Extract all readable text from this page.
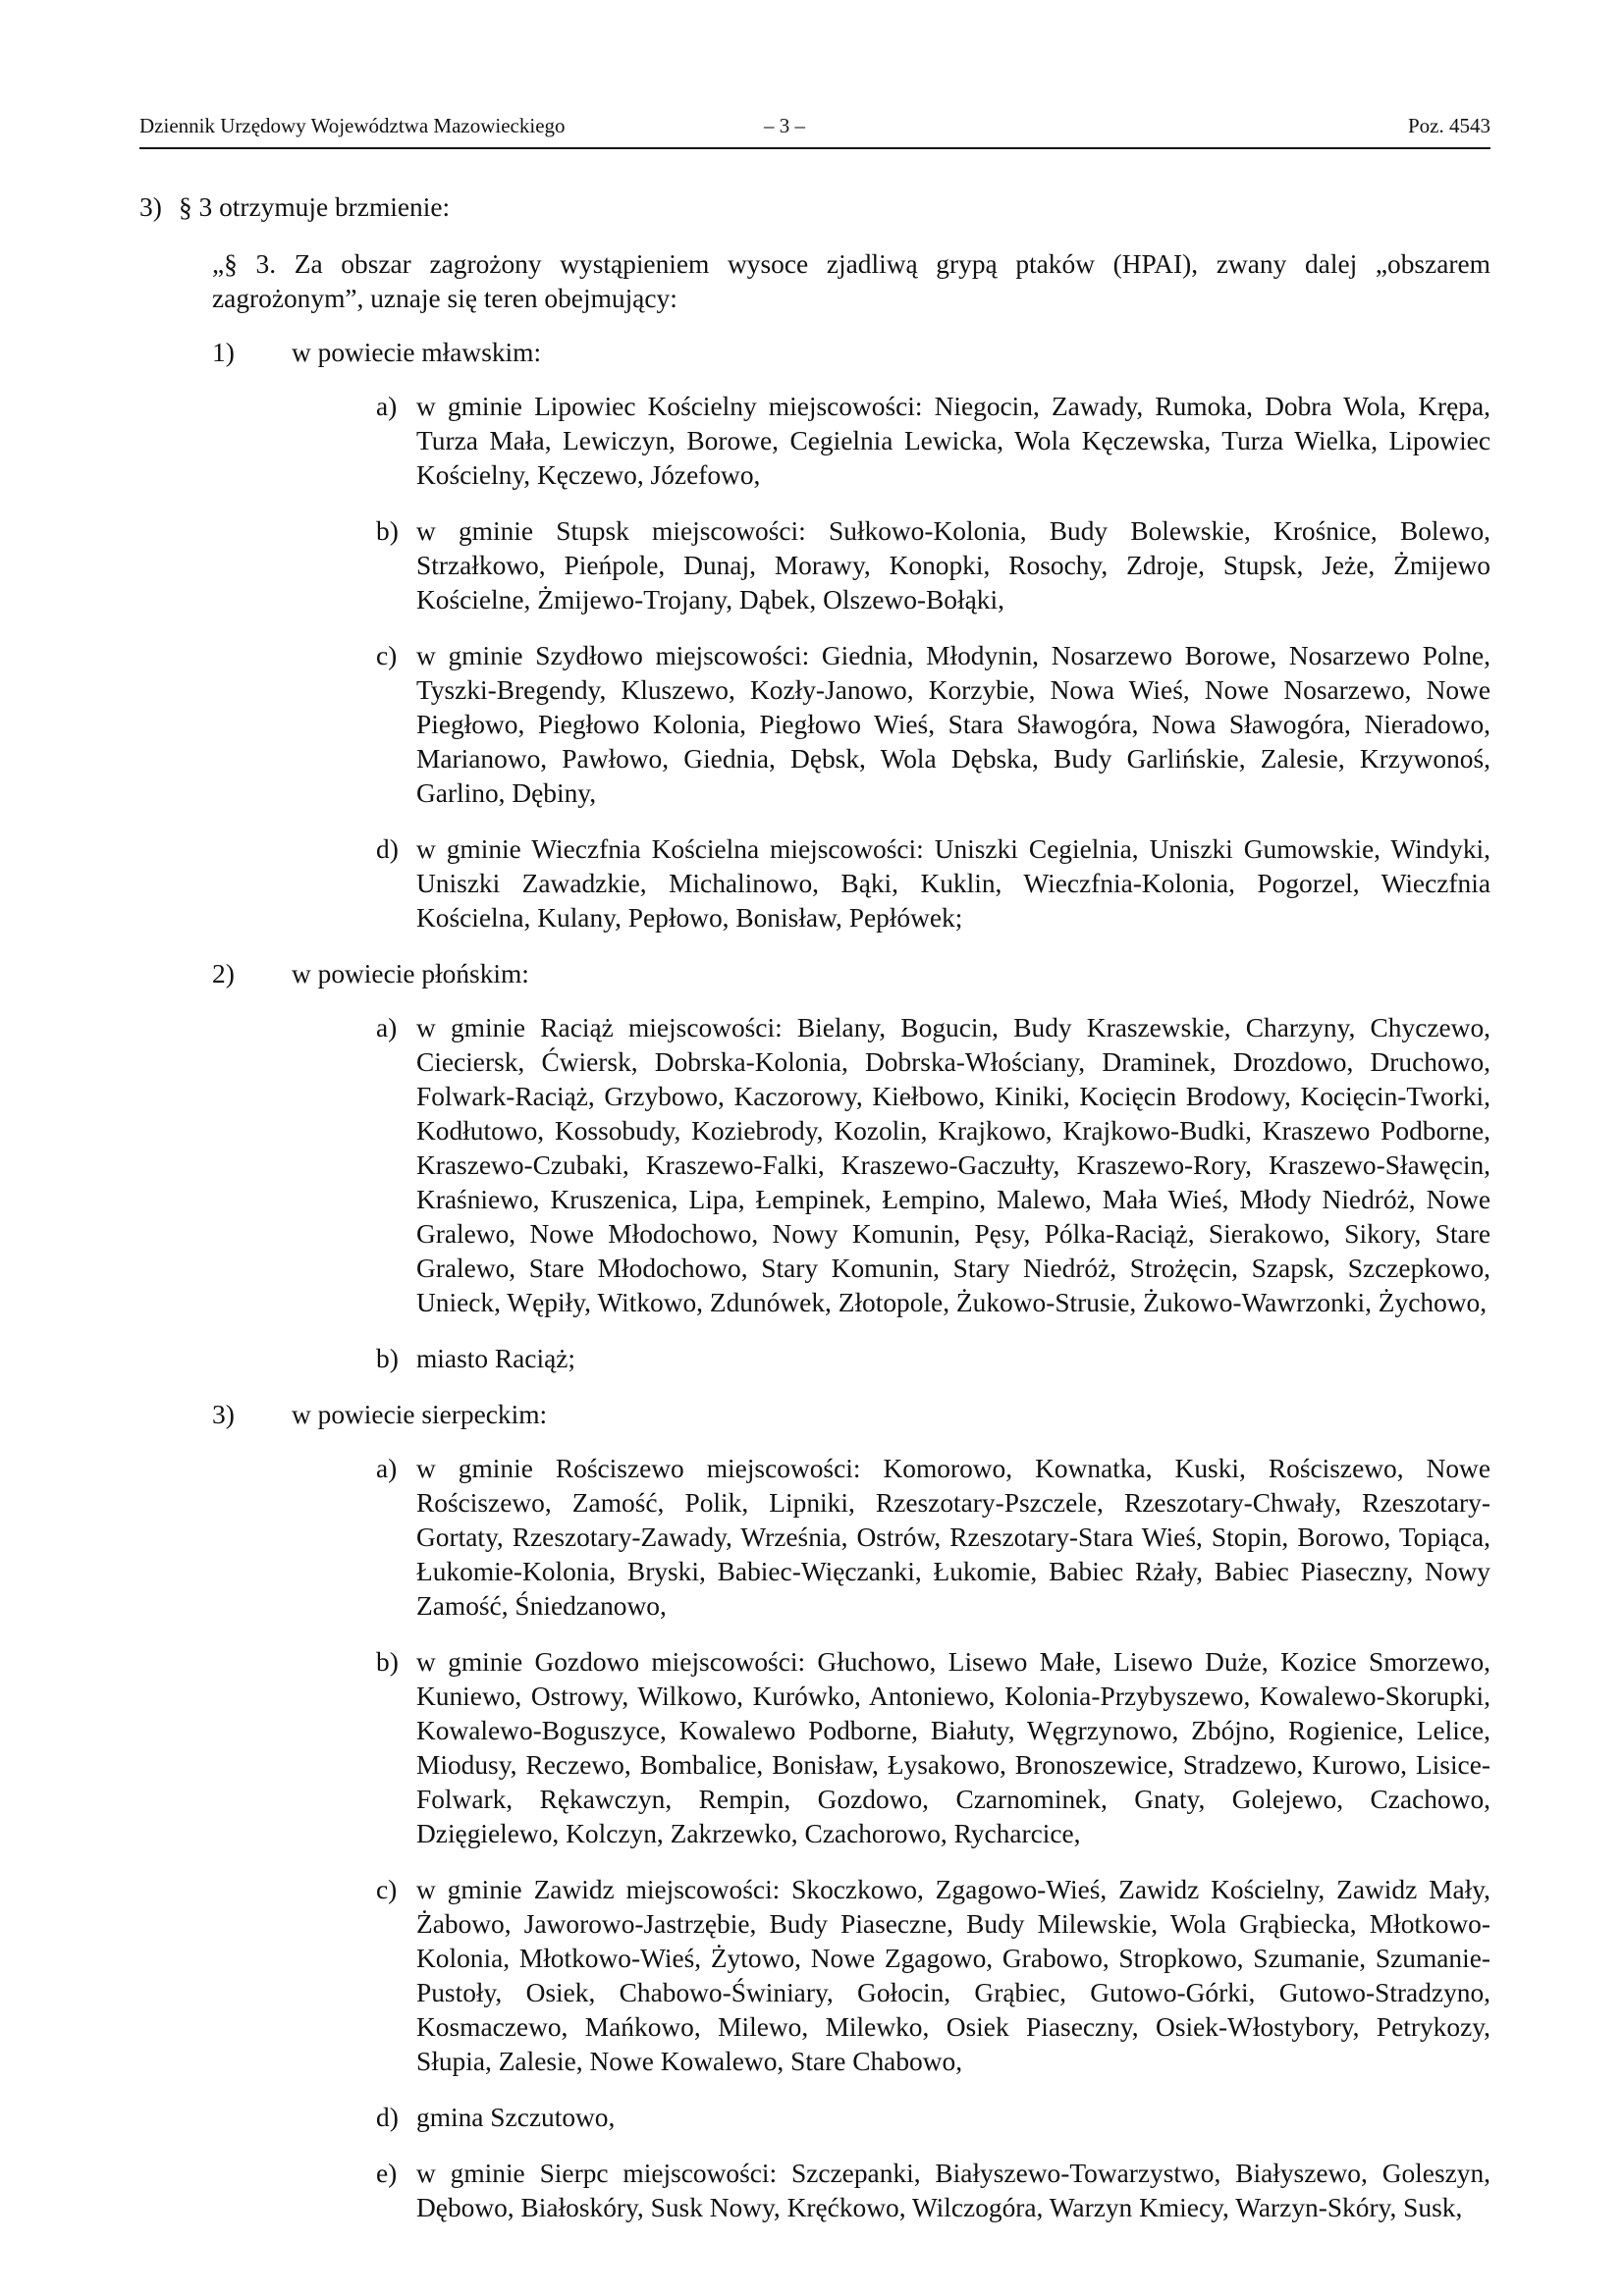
Dziennik Urzędowy Województwa Mazowieckiego	– 3 –	Poz. 4543
3) § 3 otrzymuje brzmienie:
„§ 3. Za obszar zagrożony wystąpieniem wysoce zjadliwą grypą ptaków (HPAI), zwany dalej „obszarem zagrożonym”, uznaje się teren obejmujący:
1) w powiecie mławskim:
a) w gminie Lipowiec Kościelny miejscowości: Niegocin, Zawady, Rumoka, Dobra Wola, Krępa, Turza Mała, Lewiczyn, Borowe, Cegielnia Lewicka, Wola Kęczewska, Turza Wielka, Lipowiec Kościelny, Kęczewo, Józefowo,
b) w gminie Stupsk miejscowości: Sułkowo-Kolonia, Budy Bolewskie, Krośnice, Bolewo, Strzałkowo, Pieńpole, Dunaj, Morawy, Konopki, Rosochy, Zdroje, Stupsk, Jeże, Żmijewo Kościelne, Żmijewo-Trojany, Dąbek, Olszewo-Bołąki,
c) w gminie Szydłowo miejscowości: Giednia, Młodynin, Nosarzewo Borowe, Nosarzewo Polne, Tyszki-Bregendy, Kluszewo, Kozły-Janowo, Korzybie, Nowa Wieś, Nowe Nosarzewo, Nowe Piegłowo, Piegłowo Kolonia, Piegłowo Wieś, Stara Sławogóra, Nowa Sławogóra, Nieradowo, Marianowo, Pawłowo, Giednia, Dębsk, Wola Dębska, Budy Garlińskie, Zalesie, Krzywonoś, Garlino, Dębiny,
d) w gminie Wieczfnia Kościelna miejscowości: Uniszki Cegielnia, Uniszki Gumowskie, Windyki, Uniszki Zawadzkie, Michalinowo, Bąki, Kuklin, Wieczfnia-Kolonia, Pogorzel, Wieczfnia Kościelna, Kulany, Pepłowo, Bonisław, Pepłówek;
2) w powiecie płońskim:
a) w gminie Raciąż miejscowości: Bielany, Bogucin, Budy Kraszewskie, Charzyny, Chyczewo, Cieciersk, Ćwiersk, Dobrska-Kolonia, Dobrska-Włościany, Draminek, Drozdowo, Druchowo, Folwark-Raciąż, Grzybowo, Kaczorowy, Kiełbowo, Kiniki, Kocięcin Brodowy, Kocięcin-Tworki, Kodłutowo, Kossobudy, Koziebrody, Kozolin, Krajkowo, Krajkowo-Budki, Kraszewo Podborne, Kraszewo-Czubaki, Kraszewo-Falki, Kraszewo-Gaczułty, Kraszewo-Rory, Kraszewo-Sławęcin, Kraśniewo, Kruszenica, Lipa, Łempinek, Łempino, Malewo, Mała Wieś, Młody Niedróż, Nowe Gralewo, Nowe Młodochowo, Nowy Komunin, Pęsy, Pólka-Raciąż, Sierakowo, Sikory, Stare Gralewo, Stare Młodochowo, Stary Komunin, Stary Niedróż, Strożęcin, Szapsk, Szczepkowo, Unieck, Wępiły, Witkowo, Zdunówek, Złotopole, Żukowo-Strusie, Żukowo-Wawrzonki, Żychowo,
b) miasto Raciąż;
3) w powiecie sierpeckim:
a) w gminie Rościszewo miejscowości: Komorowo, Kownatka, Kuski, Rościszewo, Nowe Rościszewo, Zamość, Polik, Lipniki, Rzeszotary-Pszczele, Rzeszotary-Chwały, Rzeszotary-Gortaty, Rzeszotary-Zawady, Września, Ostrów, Rzeszotary-Stara Wieś, Stopin, Borowo, Topiąca, Łukomie-Kolonia, Bryski, Babiec-Więczanki, Łukomie, Babiec Rżały, Babiec Piaseczny, Nowy Zamość, Śniedzanowo,
b) w gminie Gozdowo miejscowości: Głuchowo, Lisewo Małe, Lisewo Duże, Kozice Smorzewo, Kuniewo, Ostrowy, Wilkowo, Kurówko, Antoniewo, Kolonia-Przybyszewo, Kowalewo-Skorupki, Kowalewo-Boguszyce, Kowalewo Podborne, Białuty, Węgrzynowo, Zbójno, Rogienice, Lelice, Miodusy, Reczewo, Bombalice, Bonisław, Łysakowo, Bronoszewice, Stradzewo, Kurowo, Lisice-Folwark, Rękawczyn, Rempin, Gozdowo, Czarnominek, Gnaty, Golejewo, Czachowo, Dzięgielewo, Kolczyn, Zakrzewko, Czachorowo, Rycharcice,
c) w gminie Zawidz miejscowości: Skoczkowo, Zgagowo-Wieś, Zawidz Kościelny, Zawidz Mały, Żabowo, Jaworowo-Jastrzębie, Budy Piaseczne, Budy Milewskie, Wola Grąbiecka, Młotkowo-Kolonia, Młotkowo-Wieś, Żytowo, Nowe Zgagowo, Grabowo, Stropkowo, Szumanie, Szumanie-Pustoły, Osiek, Chabowo-Świniary, Gołocin, Grąbiec, Gutowo-Górki, Gutowo-Stradzyno, Kosmaczewo, Mańkowo, Milewo, Milewko, Osiek Piaseczny, Osiek-Włostybory, Petrykozy, Słupia, Zalesie, Nowe Kowalewo, Stare Chabowo,
d) gmina Szczutowo,
e) w gminie Sierpc miejscowości: Szczepanki, Białyszewo-Towarzystwo, Białyszewo, Goleszyn, Dębowo, Białoskóry, Susk Nowy, Kręćkowo, Wilczogóra, Warzyn Kmiecy, Warzyn-Skóry, Susk,
